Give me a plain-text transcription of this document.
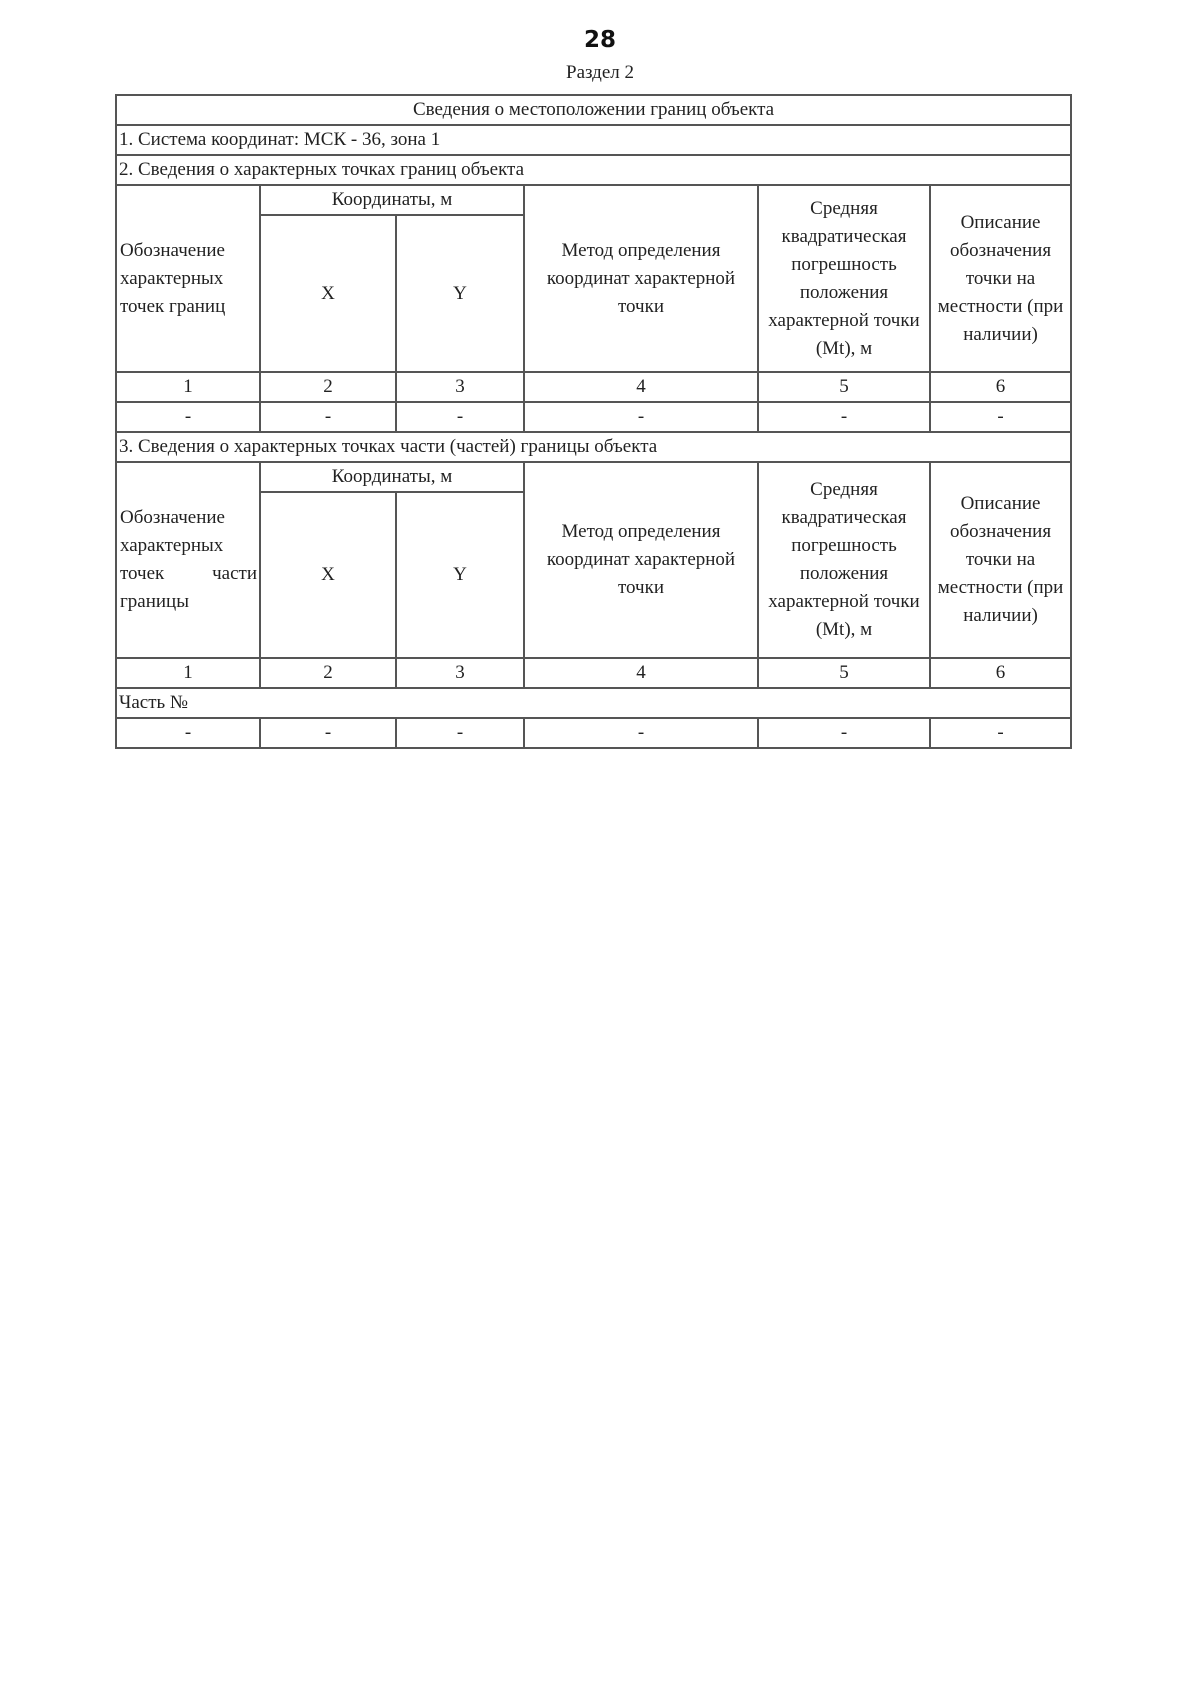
28
Раздел 2
Сведения о местоположении границ объекта					
1. Система координат: МСК - 36, зона 1					
2. Сведения о характерных точках границ объекта					
Обозначение характерных точек границ	Координаты, м		Метод определения координат характерной точки	Средняя квадратическая погрешность положения характерной точки (Mt), м	Описание обозначения точки на местности (при наличии)
	X	Y			
1	2	3	4	5	6
-	-	-	-	-	-
3. Сведения о характерных точках части (частей) границы объекта					
Обозначение характерных точек части границы	Координаты, м		Метод определения координат характерной точки	Средняя квадратическая погрешность положения характерной точки (Mt), м	Описание обозначения точки на местности (при наличии)
	X	Y			
1	2	3	4	5	6
Часть №					
-	-	-	-	-	-
